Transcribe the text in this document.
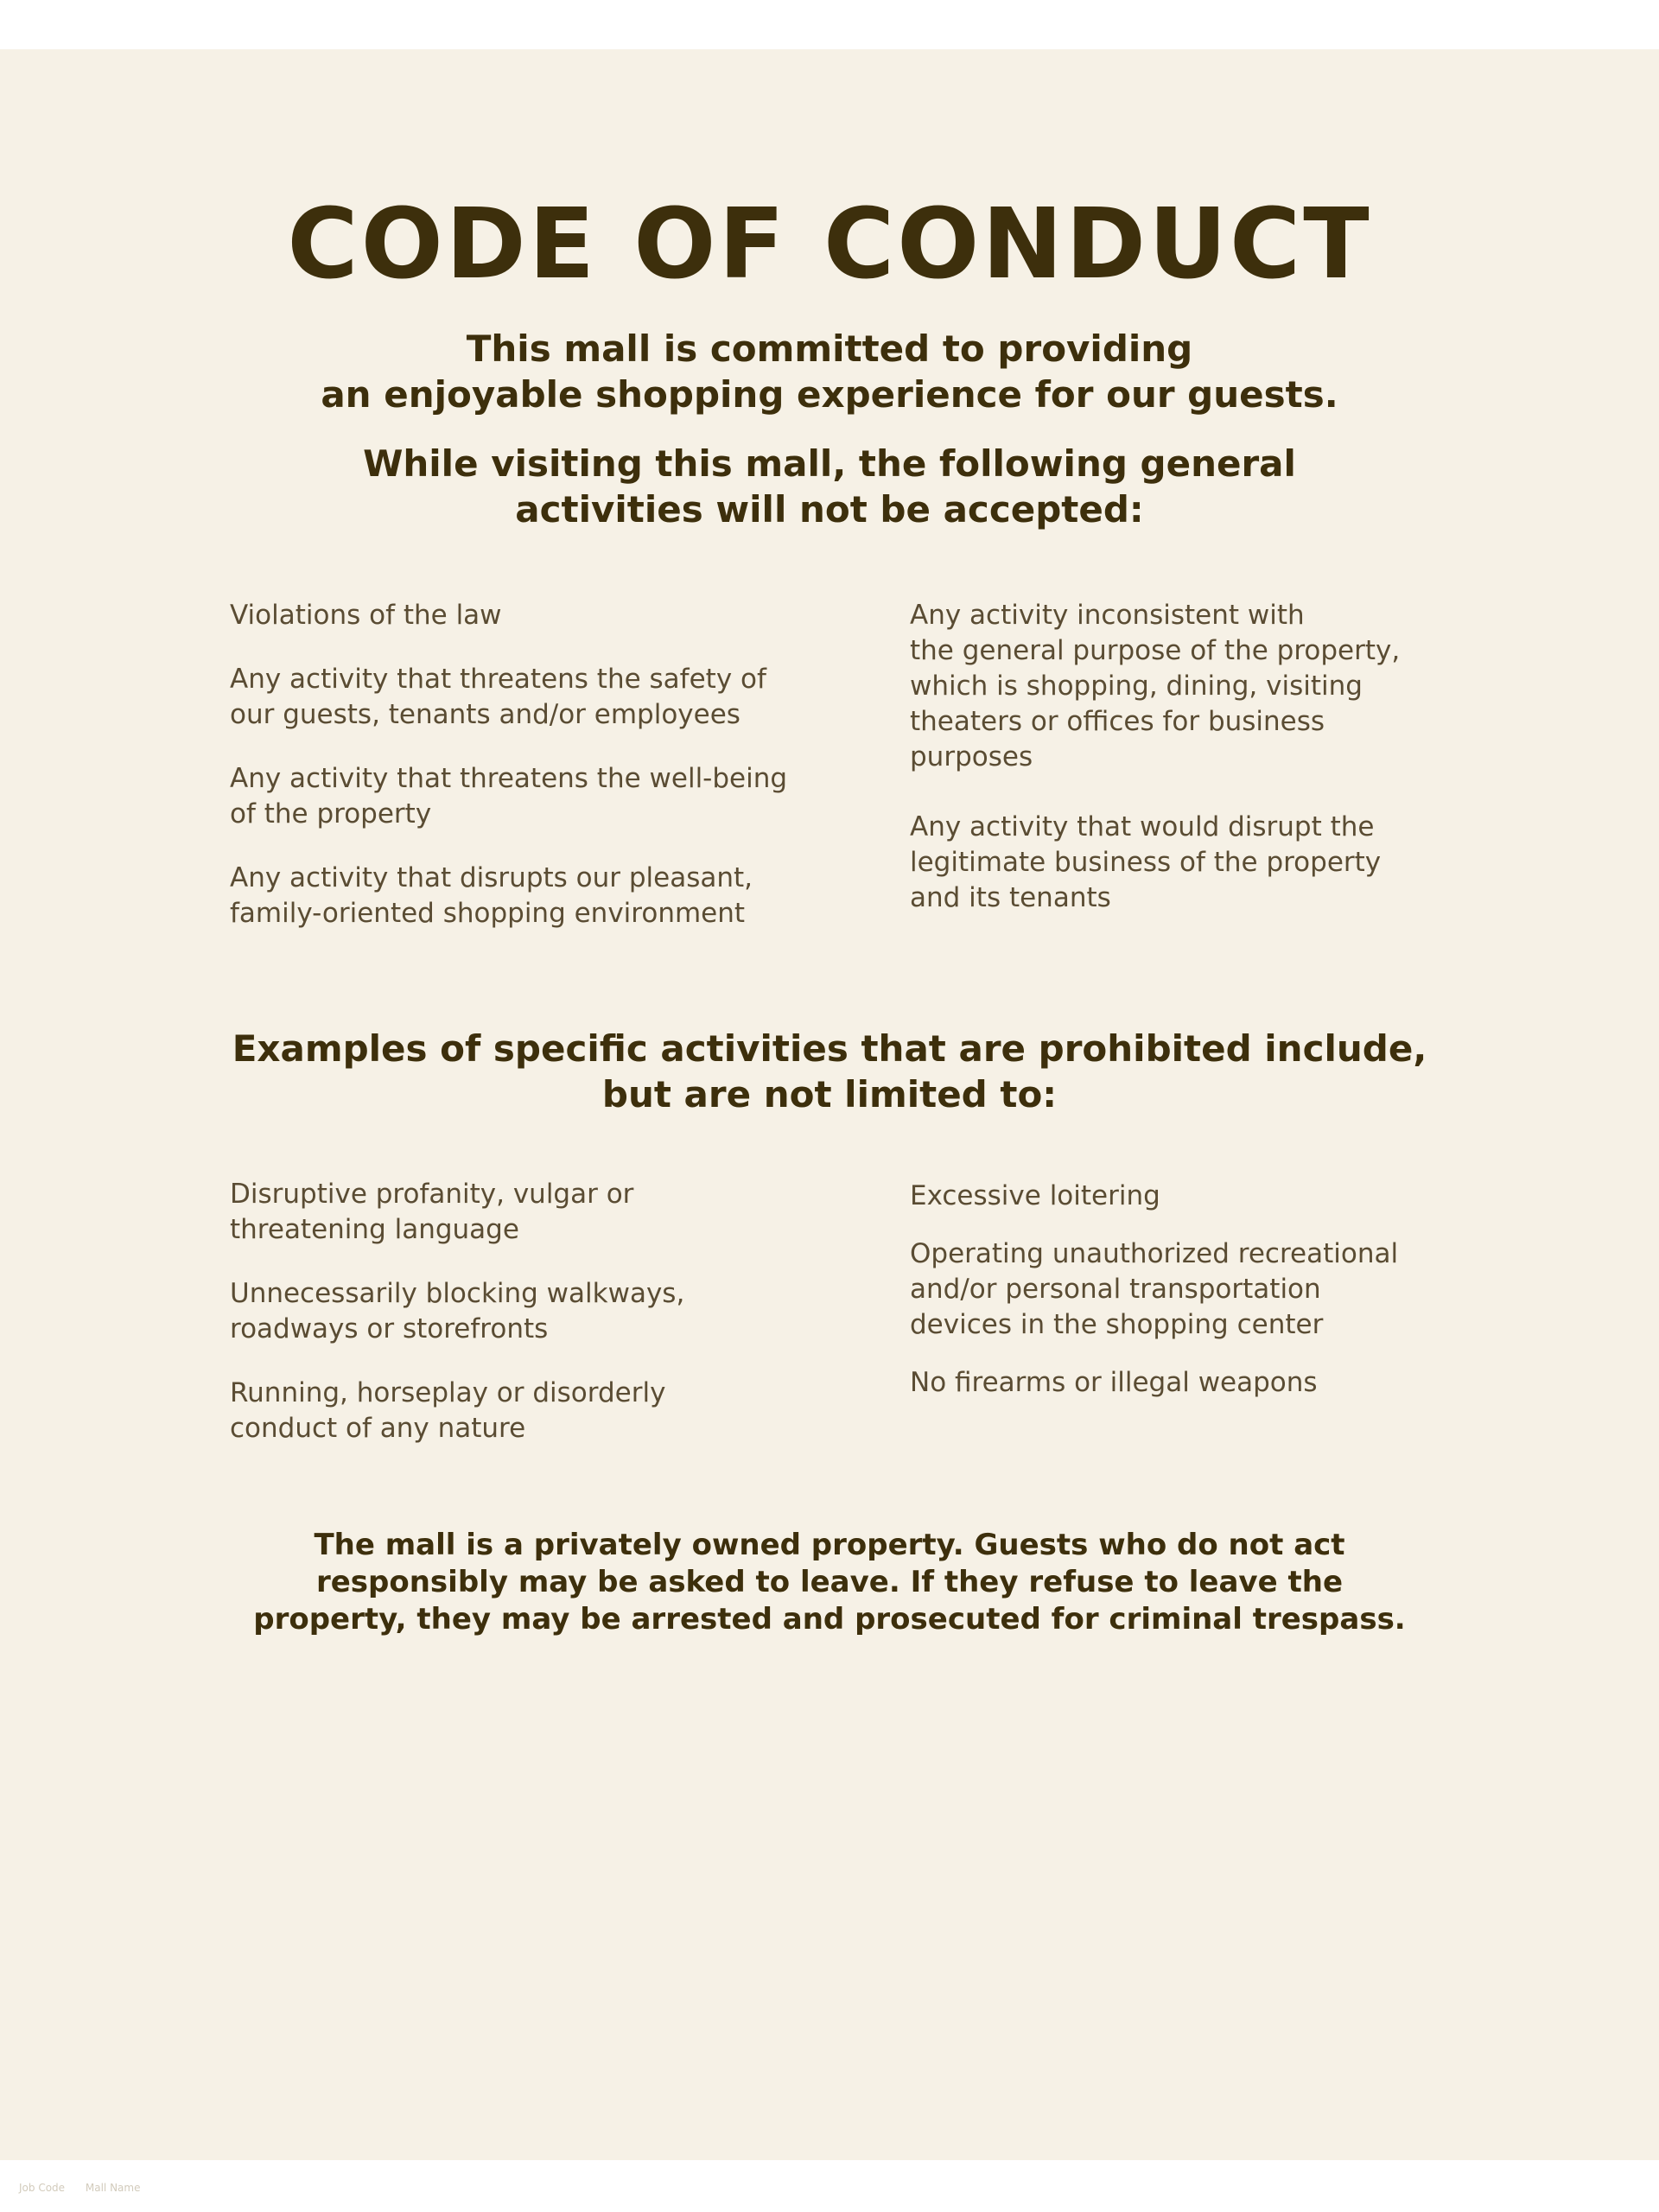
CODE OF CONDUCT
This mall is committed to providing
an enjoyable shopping experience for our guests.
While visiting this mall, the following general
activities will not be accepted:
Violations of the law
Any activity that threatens the safety of
our guests, tenants and/or employees
Any activity that threatens the well-being
of the property
Any activity that disrupts our pleasant,
family-oriented shopping environment
Any activity inconsistent with
the general purpose of the property,
which is shopping, dining, visiting
theaters or offices for business
purposes
Any activity that would disrupt the
legitimate business of the property
and its tenants
Examples of specific activities that are prohibited include,
but are not limited to:
Disruptive profanity, vulgar or
threatening language
Unnecessarily blocking walkways,
roadways or storefronts
Running, horseplay or disorderly
conduct of any nature
Excessive loitering
Operating unauthorized recreational
and/or personal transportation
devices in the shopping center
No firearms or illegal weapons

The mall is a privately owned property. Guests who do not act
responsibly may be asked to leave. If they refuse to leave the
property, they may be arrested and prosecuted for criminal trespass.

Job Code Mall Name
